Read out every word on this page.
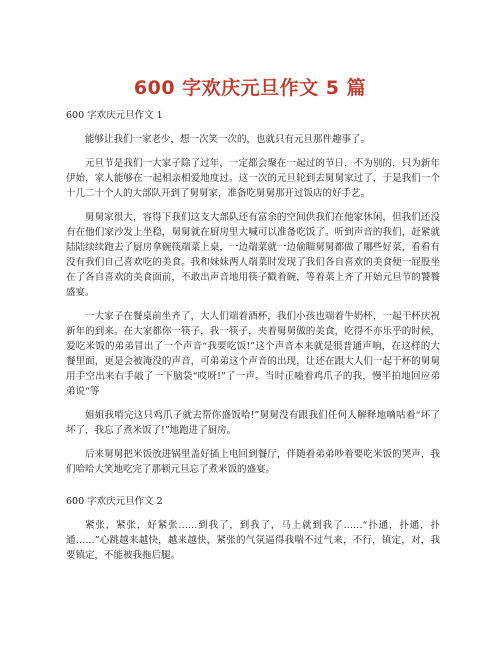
600 字欢庆元旦作文 5 篇
600 字欢庆元旦作文 1

能够让我们一家老少，想一次笑一次的，也就只有元旦那件趣事了。

元旦节是我们一大家子除了过年，一定都会聚在一起过的节日，不为别的，只为新年伊始，家人能够在一起相亲相爱地度过。这一次的元旦轮到去舅舅家过了，于是我们一个十几二十个人的大部队开到了舅舅家，准备吃舅舅那开过饭店的好手艺。

舅舅家很大，容得下我们这支大部队还有富余的空间供我们在他家休闲，但我们还没有在他们家沙发上坐稳，舅舅就在厨房里大喊可以准备吃饭了。听到声音的我们，赶紧就陆陆续续跑去了厨房拿碗筷端菜上桌，一边端菜就一边偷瞄舅舅都做了哪些好菜，看看有没有我们自己喜欢吃的美食。我和妹妹两人端菜时发现了我们各自喜欢的美食便一屁股坐在了各自喜欢的美食面前，不敢出声音地用筷子戳着碗，等着菜上齐了开始元旦节的饕餮盛宴。

一大家子在餐桌前坐齐了，大人们端着酒杯，我们小孩也端着牛奶杯，一起干杯庆祝新年的到来。在大家都你一筷子，我一筷子，夹着舅舅做的美食，吃得不亦乐乎的时候，爱吃米饭的弟弟冒出了一个声音“我要吃饭!”这个声音本来就是很普通声响，在这样的大餐里面，更是会被淹没的声音，可弟弟这个声音的出现，让还在跟大人们一起干杯的舅舅用手空出来右手敲了一下脑袋“哎呀!”了一声。当时正嗑着鸡爪子的我，慢半拍地回应弟弟说“等

姐姐我啃完这只鸡爪子就去帮你盛饭哈!”舅舅没有跟我们任何人解释地嘀咕着“坏了坏了，我忘了煮米饭了!”地跑进了厨房。

后来舅舅把米饭放进锅里盖好插上电回到餐厅，伴随着弟弟吵着要吃米饭的哭声，我们哈哈大笑地吃完了那顿元旦忘了煮米饭的盛宴。

600 字欢庆元旦作文 2

紧张，紧张，好紧张……到我了，到我了，马上就到我了……“扑通，扑通，扑通……”心跳越来越快，越来越快，紧张的气氛逼得我喘不过气来，不行，镇定，对，我要镇定，不能被我拖后腿。
